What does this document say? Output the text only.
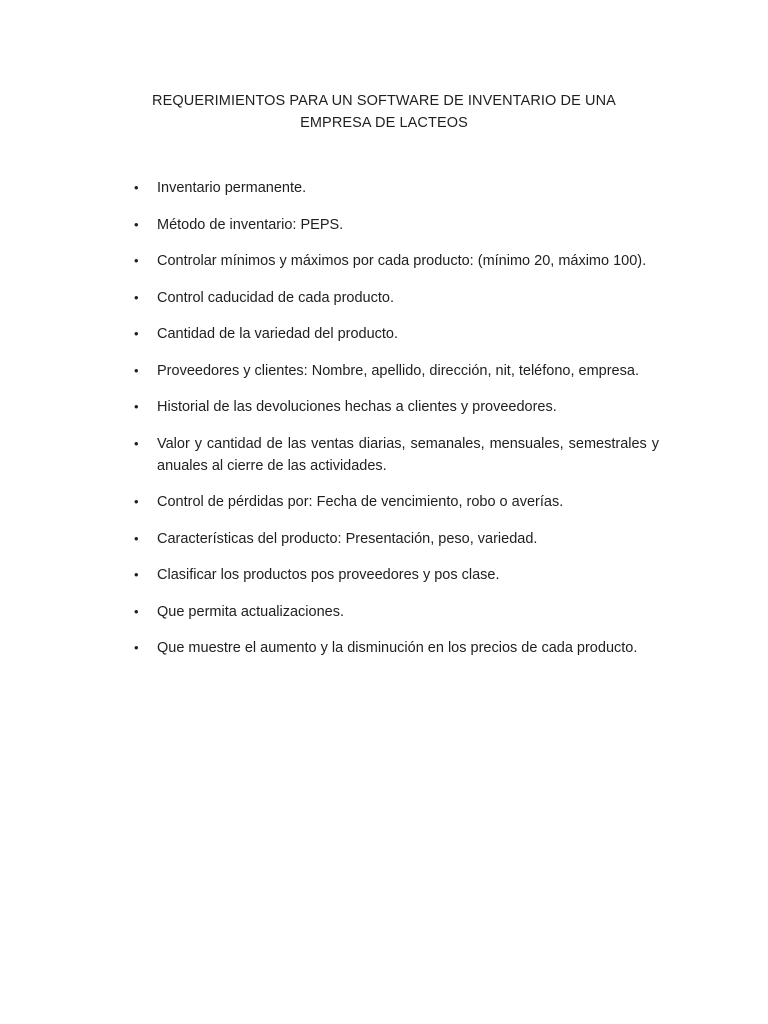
REQUERIMIENTOS PARA UN SOFTWARE DE INVENTARIO DE UNA
EMPRESA DE LACTEOS
• Inventario permanente.
• Método de inventario: PEPS.
• Controlar mínimos y máximos por cada producto: (mínimo 20, máximo 100).
• Control caducidad de cada producto.
• Cantidad de la variedad del producto.
• Proveedores y clientes: Nombre, apellido, dirección, nit, teléfono, empresa.
• Historial de las devoluciones hechas a clientes y proveedores.
• Valor y cantidad de las ventas diarias, semanales, mensuales, semestrales y anuales al cierre de las actividades.
• Control de pérdidas por: Fecha de vencimiento, robo o averías.
• Características del producto: Presentación, peso, variedad.
• Clasificar los productos pos proveedores y pos clase.
• Que permita actualizaciones.
• Que muestre el aumento y la disminución en los precios de cada producto.
